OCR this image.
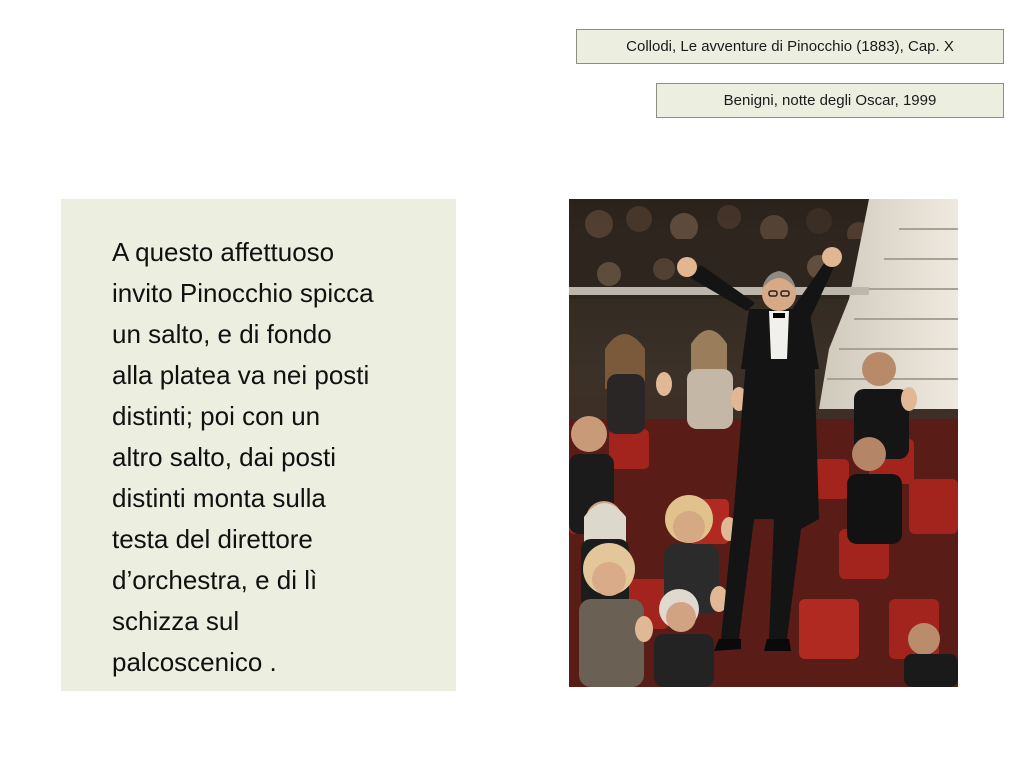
Collodi, Le avventure di Pinocchio (1883), Cap. X
Benigni, notte degli Oscar, 1999

A questo affettuoso
invito Pinocchio spicca
un salto, e di fondo
alla platea va nei posti
distinti; poi con un
altro salto, dai posti
distinti monta sulla
testa del direttore
d’orchestra, e di lì
schizza sul
palcoscenico .
